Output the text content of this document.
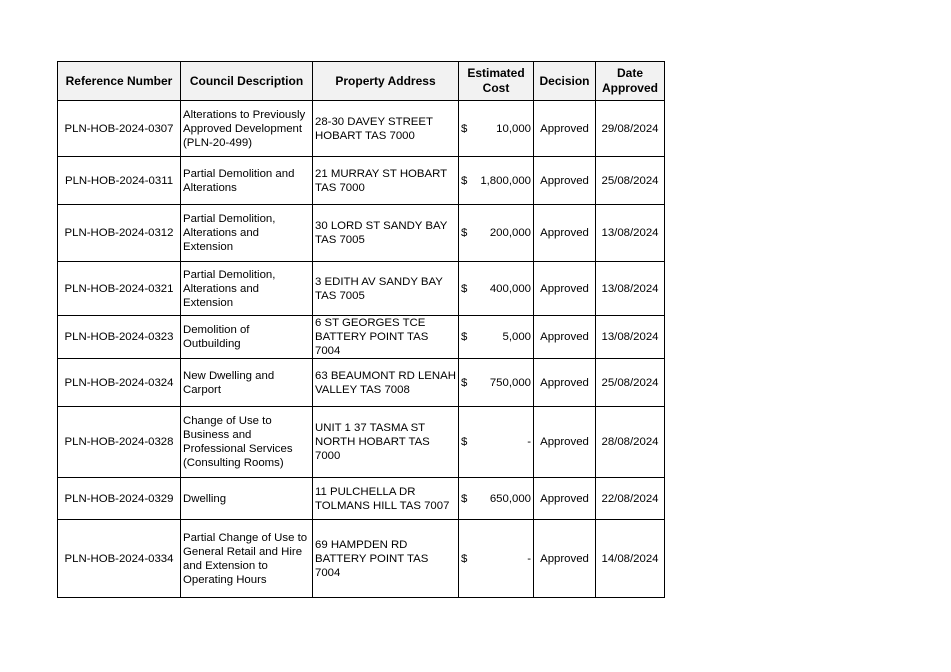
Reference Number	Council Description	Property Address	Estimated Cost	Decision	Date Approved
PLN-HOB-2024-0307	Alterations to Previously Approved Development (PLN-20-499)	28-30 DAVEY STREET HOBART TAS 7000	$ 10,000	Approved	29/08/2024
PLN-HOB-2024-0311	Partial Demolition and Alterations	21 MURRAY ST HOBART TAS 7000	$ 1,800,000	Approved	25/08/2024
PLN-HOB-2024-0312	Partial Demolition, Alterations and Extension	30 LORD ST SANDY BAY TAS 7005	$ 200,000	Approved	13/08/2024
PLN-HOB-2024-0321	Partial Demolition, Alterations and Extension	3 EDITH AV SANDY BAY TAS 7005	$ 400,000	Approved	13/08/2024
PLN-HOB-2024-0323	Demolition of Outbuilding	6 ST GEORGES TCE BATTERY POINT TAS 7004	$ 5,000	Approved	13/08/2024
PLN-HOB-2024-0324	New Dwelling and Carport	63 BEAUMONT RD LENAH VALLEY TAS 7008	$ 750,000	Approved	25/08/2024
PLN-HOB-2024-0328	Change of Use to Business and Professional Services (Consulting Rooms)	UNIT 1 37 TASMA ST NORTH HOBART TAS 7000	$ -	Approved	28/08/2024
PLN-HOB-2024-0329	Dwelling	11 PULCHELLA DR TOLMANS HILL TAS 7007	$ 650,000	Approved	22/08/2024
PLN-HOB-2024-0334	Partial Change of Use to General Retail and Hire and Extension to Operating Hours	69 HAMPDEN RD BATTERY POINT TAS 7004	$ -	Approved	14/08/2024
